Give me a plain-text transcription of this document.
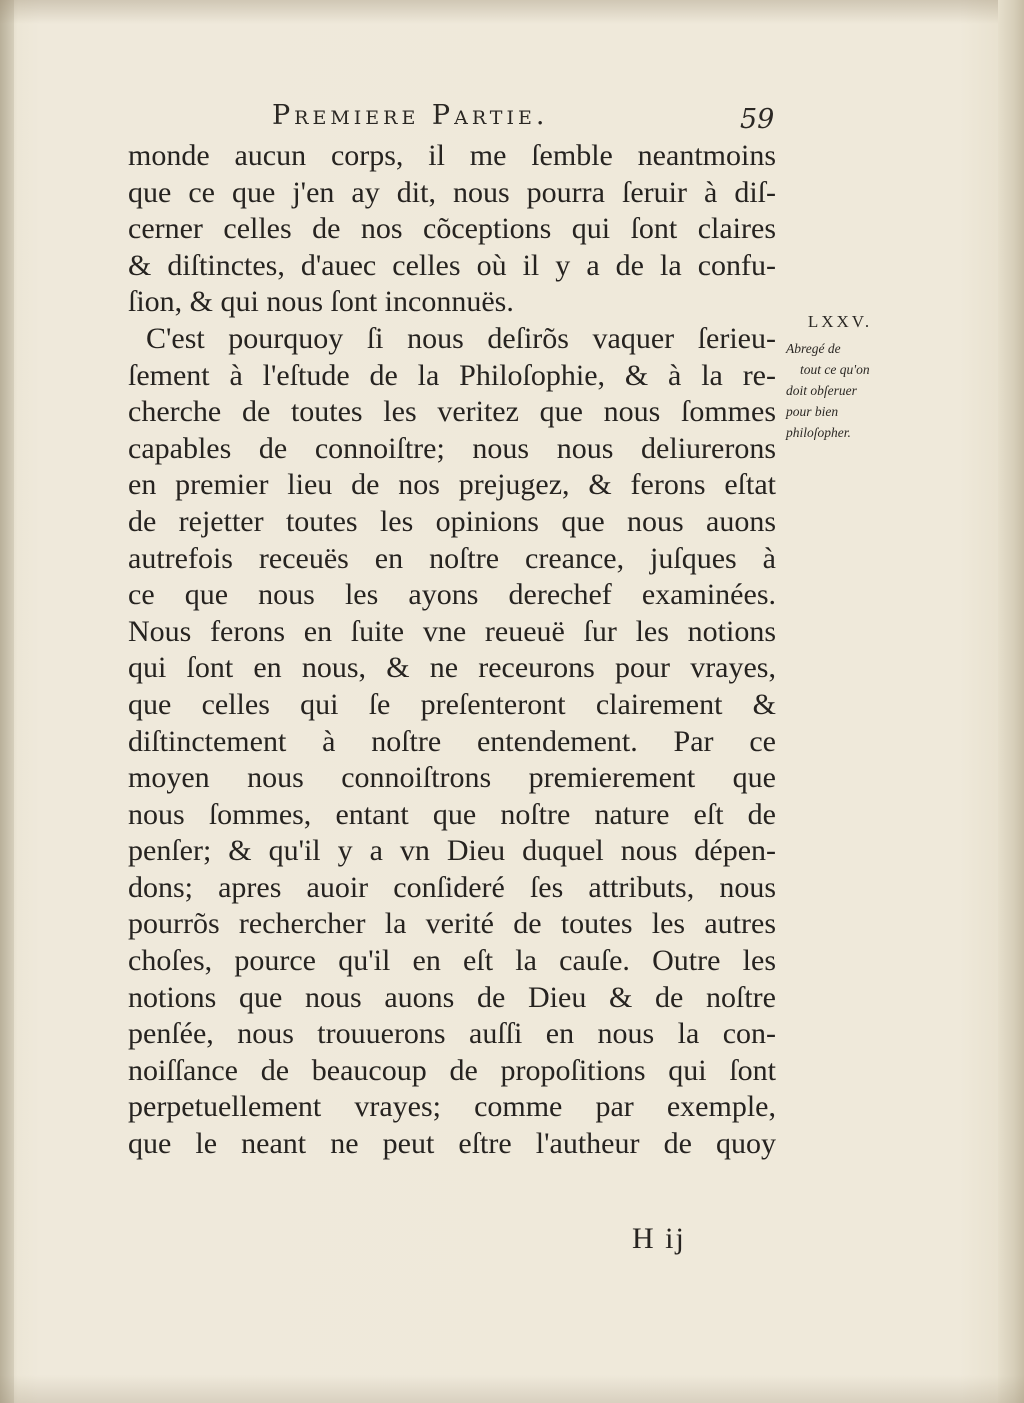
Premiere Partie.	59
monde aucun corps, il me ſemble neantmoins
que ce que j'en ay dit, nous pourra ſeruir à diſ-
cerner celles de nos cõceptions qui ſont claires
& diſtinctes, d'auec celles où il y a de la confu-
ſion, & qui nous ſont inconnuës.
C'est pourquoy ſi nous deſirõs vaquer ſerieu-
ſement à l'eſtude de la Philoſophie, & à la re-
cherche de toutes les veritez que nous ſommes
capables de connoiſtre; nous nous deliurerons
en premier lieu de nos prejugez, & ferons eſtat
de rejetter toutes les opinions que nous auons
autrefois receuës en noſtre creance, juſques à
ce que nous les ayons derechef examinées.
Nous ferons en ſuite vne reueuë ſur les notions
qui ſont en nous, & ne receurons pour vrayes,
que celles qui ſe preſenteront clairement &
diſtinctement à noſtre entendement. Par ce
moyen nous connoiſtrons premierement que
nous ſommes, entant que noſtre nature eſt de
penſer; & qu'il y a vn Dieu duquel nous dépen-
dons; apres auoir conſideré ſes attributs, nous
pourrõs rechercher la verité de toutes les autres
choſes, pource qu'il en eſt la cauſe. Outre les
notions que nous auons de Dieu & de noſtre
penſée, nous trouuerons auſſi en nous la con-
noiſſance de beaucoup de propoſitions qui ſont
perpetuellement vrayes; comme par exemple,
que le neant ne peut eſtre l'autheur de quoy
LXXV.
Abregé de
tout ce qu'on
doit obſeruer
pour bien
philoſopher.
H ij
